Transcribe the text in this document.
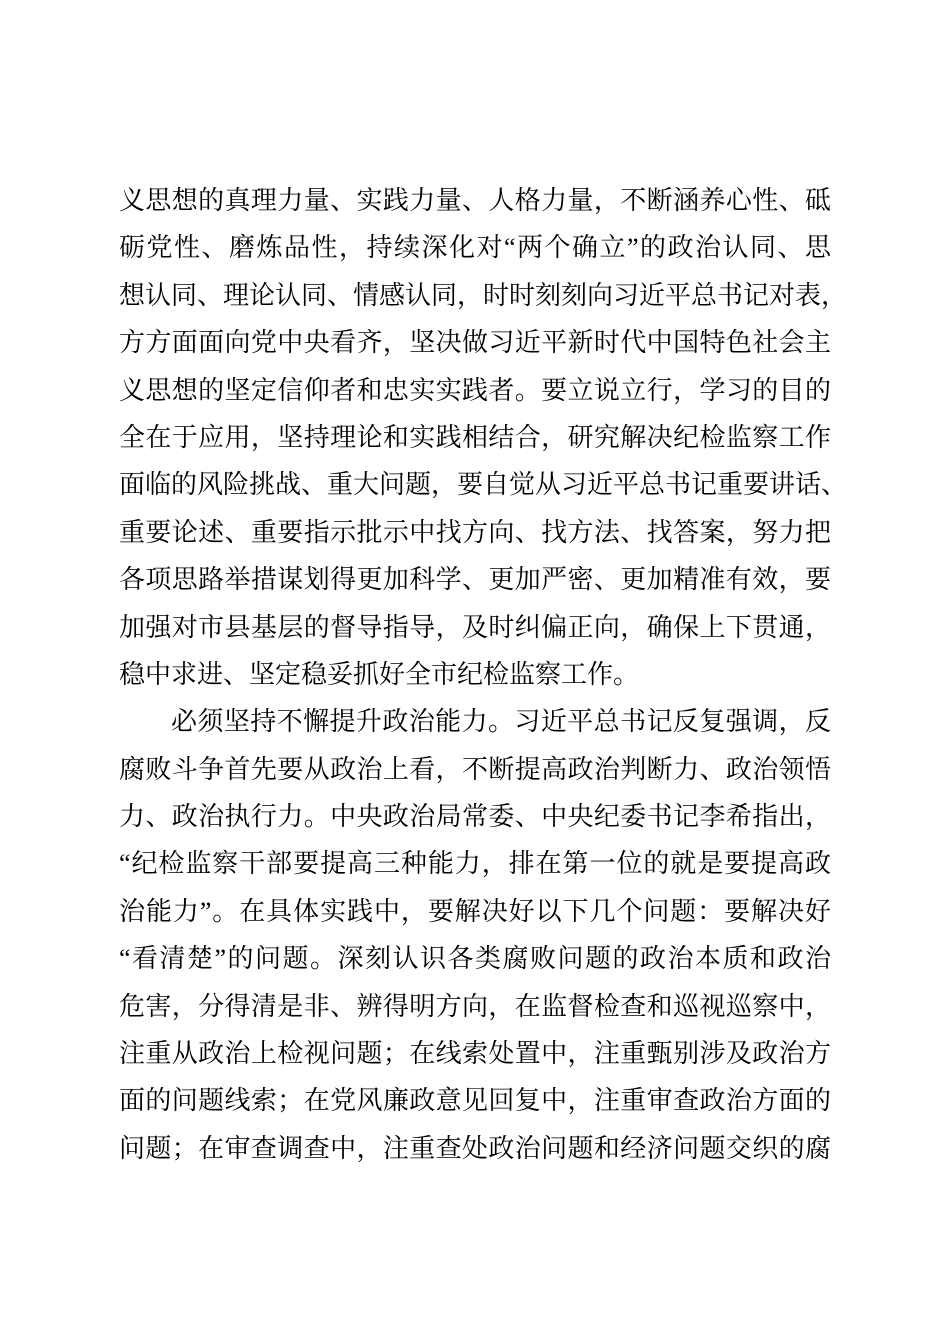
义思想的真理力量、实践力量、人格力量，不断涵养心性、砥
砺党性、磨炼品性，持续深化对“两个确立”的政治认同、思
想认同、理论认同、情感认同，时时刻刻向习近平总书记对表，
方方面面向党中央看齐，坚决做习近平新时代中国特色社会主
义思想的坚定信仰者和忠实实践者。要立说立行，学习的目的
全在于应用，坚持理论和实践相结合，研究解决纪检监察工作
面临的风险挑战、重大问题，要自觉从习近平总书记重要讲话、
重要论述、重要指示批示中找方向、找方法、找答案，努力把
各项思路举措谋划得更加科学、更加严密、更加精准有效，要
加强对市县基层的督导指导，及时纠偏正向，确保上下贯通，
稳中求进、坚定稳妥抓好全市纪检监察工作。
必须坚持不懈提升政治能力。习近平总书记反复强调，反
腐败斗争首先要从政治上看，不断提高政治判断力、政治领悟
力、政治执行力。中央政治局常委、中央纪委书记李希指出，
“纪检监察干部要提高三种能力，排在第一位的就是要提高政
治能力”。在具体实践中，要解决好以下几个问题：要解决好
“看清楚”的问题。深刻认识各类腐败问题的政治本质和政治
危害，分得清是非、辨得明方向，在监督检查和巡视巡察中，
注重从政治上检视问题；在线索处置中，注重甄别涉及政治方
面的问题线索；在党风廉政意见回复中，注重审查政治方面的
问题；在审查调查中，注重查处政治问题和经济问题交织的腐
